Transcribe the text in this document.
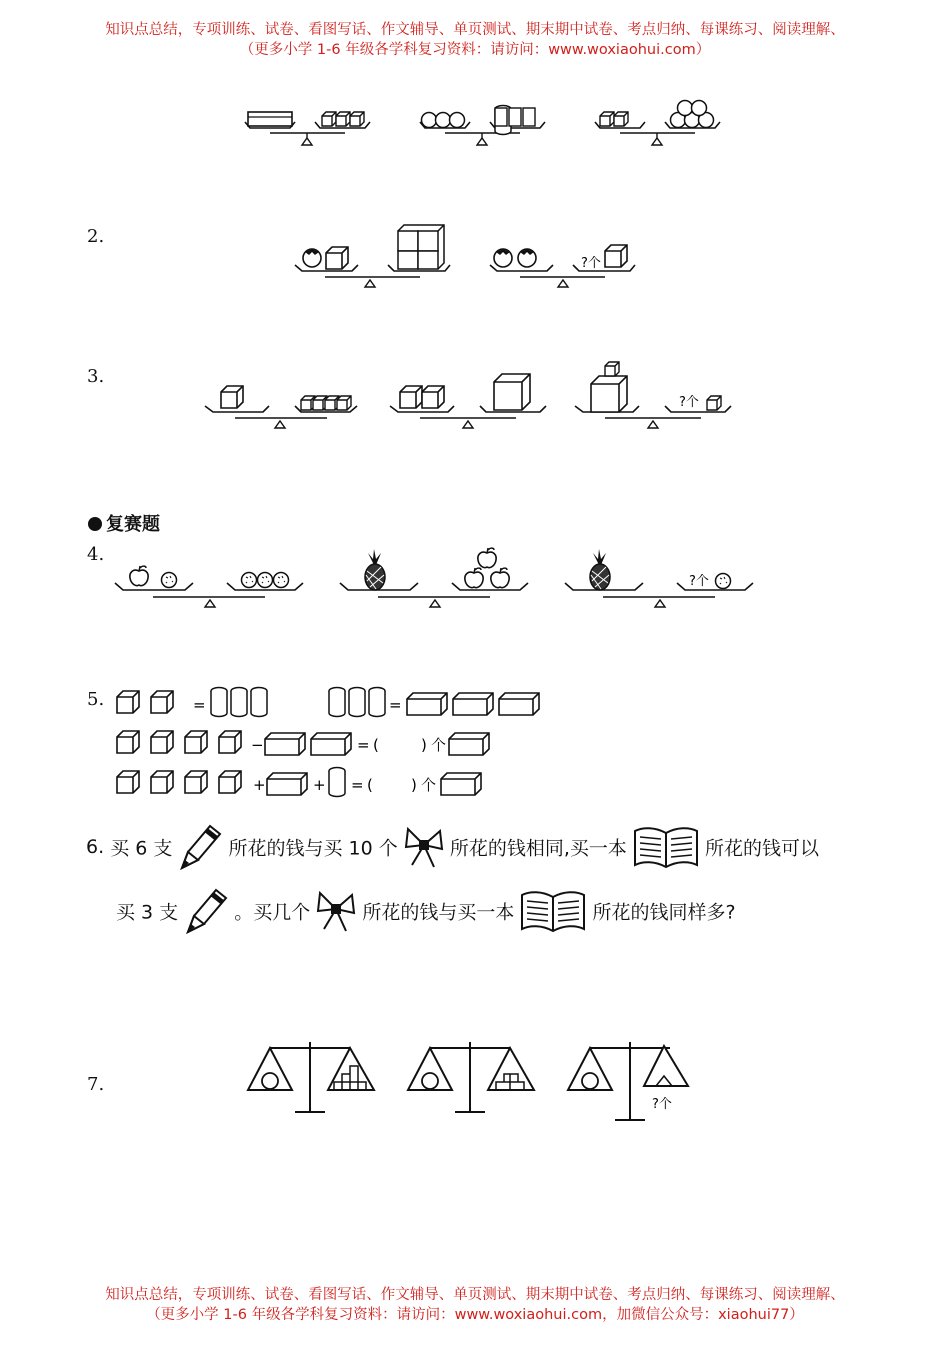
知识点总结，专项训练、试卷、看图写话、作文辅导、单页测试、期末期中试卷、考点归纳、每课练习、阅读理解、
（更多小学 1-6 年级各学科复习资料：请访问：www.woxiaohui.com）
2.
?个
3.
?个
复赛题
4.
?个
5.	=	=
−	= (	) 个
+	+ = (	) 个
6. 买 6 支	所花的钱与买 10 个	所花的钱相同,买一本	所花的钱可以
买 3 支	。买几个	所花的钱与买一本	所花的钱同样多?
7.
?个
知识点总结，专项训练、试卷、看图写话、作文辅导、单页测试、期末期中试卷、考点归纳、每课练习、阅读理解、
（更多小学 1-6 年级各学科复习资料：请访问：www.woxiaohui.com，加微信公众号：xiaohui77）
